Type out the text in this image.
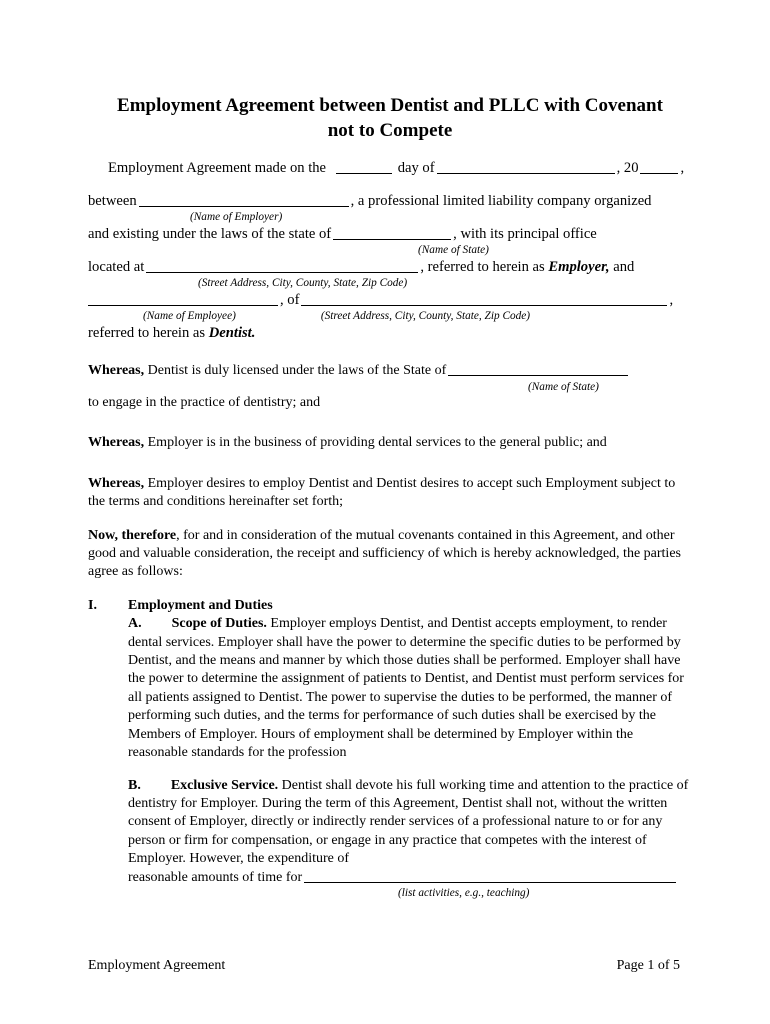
Employment Agreement between Dentist and PLLC with Covenant
not to Compete
Employment Agreement made on the	day of	, 20	,
between	, a professional limited liability company organized
(Name of Employer)
and existing under the laws of the state of	, with its principal office
(Name of State)
located at	, referred to herein as Employer, and
(Street Address, City, County, State, Zip Code)
, of	,
(Name of Employee)	(Street Address, City, County, State, Zip Code)
referred to herein as Dentist.
Whereas, Dentist is duly licensed under the laws of the State of
(Name of State)
to engage in the practice of dentistry; and

Whereas, Employer is in the business of providing dental services to the general public; and

Whereas, Employer desires to employ Dentist and Dentist desires to accept such Employment subject to the terms and conditions hereinafter set forth;

Now, therefore, for and in consideration of the mutual covenants contained in this Agreement, and other good and valuable consideration, the receipt and sufficiency of which is hereby acknowledged, the parties agree as follows:

I. Employment and Duties

A. Scope of Duties. Employer employs Dentist, and Dentist accepts employment, to render dental services. Employer shall have the power to determine the specific duties to be performed by Dentist, and the means and manner by which those duties shall be performed. Employer shall have the power to determine the assignment of patients to Dentist, and Dentist must perform services for all patients assigned to Dentist. The power to supervise the duties to be performed, the manner of performing such duties, and the terms for performance of such duties shall be exercised by the Members of Employer. Hours of employment shall be determined by Employer within the reasonable standards for the profession

B. Exclusive Service. Dentist shall devote his full working time and attention to the practice of dentistry for Employer. During the term of this Agreement, Dentist shall not, without the written consent of Employer, directly or indirectly render services of a professional nature to or for any person or firm for compensation, or engage in any practice that competes with the interest of Employer. However, the expenditure of

reasonable amounts of time for
(list activities, e.g., teaching)
Employment Agreement	Page 1 of 5
